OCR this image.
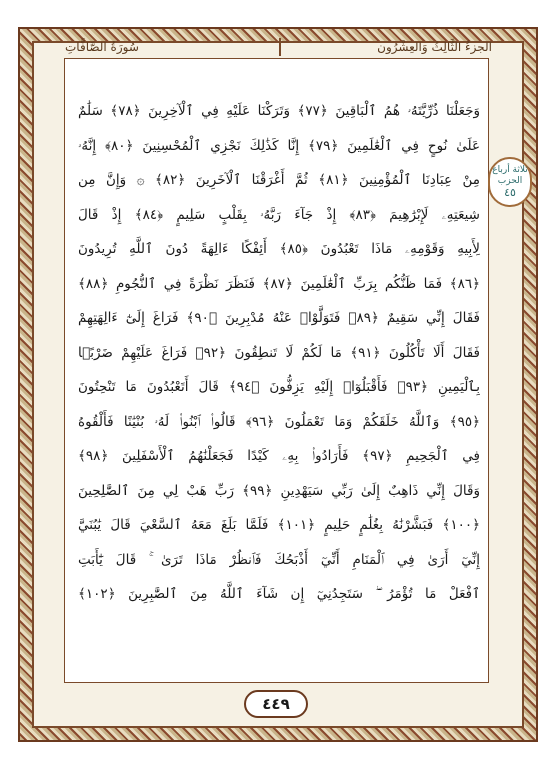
الجزءُ الثَّالِثُ وَالعِشْرُون
سُورَةُ الصَّافَّاتِ
ثلاثة أرباع
الحزب
٤٥
وَجَعَلْنَا ذُرِّيَّتَهُۥ هُمُ ٱلْبَاقِينَ ﴿٧٧﴾ وَتَرَكْنَا عَلَيْهِ فِي ٱلْآخِرِينَ ﴿٧٨﴾ سَلَٰمٌ
عَلَىٰ نُوحٍ فِي ٱلْعَٰلَمِينَ ﴿٧٩﴾ إِنَّا كَذَٰلِكَ نَجْزِي ٱلْمُحْسِنِينَ ﴿٨٠﴾ إِنَّهُۥ
مِنْ عِبَادِنَا ٱلْمُؤْمِنِينَ ﴿٨١﴾ ثُمَّ أَغْرَقْنَا ٱلْآخَرِينَ ﴿٨٢﴾ ۞ وَإِنَّ مِن
شِيعَتِهِۦ لَإِبْرَٰهِيمَ ﴿٨٣﴾ إِذْ جَآءَ رَبَّهُۥ بِقَلْبٍ سَلِيمٍ ﴿٨٤﴾ إِذْ قَالَ
لِأَبِيهِ وَقَوْمِهِۦ مَاذَا تَعْبُدُونَ ﴿٨٥﴾ أَئِفْكًا ءَالِهَةً دُونَ ٱللَّهِ تُرِيدُونَ
﴿٨٦﴾ فَمَا ظَنُّكُم بِرَبِّ ٱلْعَٰلَمِينَ ﴿٨٧﴾ فَنَظَرَ نَظْرَةً فِي ٱلنُّجُومِ ﴿٨٨﴾
فَقَالَ إِنِّي سَقِيمٌ ﴿٨٩﴾ فَتَوَلَّوْا۟ عَنْهُ مُدْبِرِينَ ﴿٩٠﴾ فَرَاغَ إِلَىٰٓ ءَالِهَتِهِمْ
فَقَالَ أَلَا تَأْكُلُونَ ﴿٩١﴾ مَا لَكُمْ لَا تَنطِقُونَ ﴿٩٢﴾ فَرَاغَ عَلَيْهِمْ ضَرْبًۢا
بِٱلْيَمِينِ ﴿٩٣﴾ فَأَقْبَلُوٓا۟ إِلَيْهِ يَزِفُّونَ ﴿٩٤﴾ قَالَ أَتَعْبُدُونَ مَا تَنْحِتُونَ
﴿٩٥﴾ وَٱللَّهُ خَلَقَكُمْ وَمَا تَعْمَلُونَ ﴿٩٦﴾ قَالُوا۟ ٱبْنُوا۟ لَهُۥ بُنْيَٰنًا فَأَلْقُوهُ
فِي ٱلْجَحِيمِ ﴿٩٧﴾ فَأَرَادُوا۟ بِهِۦ كَيْدًا فَجَعَلْنَٰهُمُ ٱلْأَسْفَلِينَ ﴿٩٨﴾
وَقَالَ إِنِّي ذَاهِبٌ إِلَىٰ رَبِّي سَيَهْدِينِ ﴿٩٩﴾ رَبِّ هَبْ لِي مِنَ ٱلصَّٰلِحِينَ
﴿١٠٠﴾ فَبَشَّرْنَٰهُ بِغُلَٰمٍ حَلِيمٍ ﴿١٠١﴾ فَلَمَّا بَلَغَ مَعَهُ ٱلسَّعْيَ قَالَ يَٰبُنَيَّ
إِنِّيٓ أَرَىٰ فِي ٱلْمَنَامِ أَنِّيٓ أَذْبَحُكَ فَٱنظُرْ مَاذَا تَرَىٰ ۚ قَالَ يَٰٓأَبَتِ
ٱفْعَلْ مَا تُؤْمَرُ ۖ سَتَجِدُنِيٓ إِن شَآءَ ٱللَّهُ مِنَ ٱلصَّٰبِرِينَ ﴿١٠٢﴾
٤٤٩
